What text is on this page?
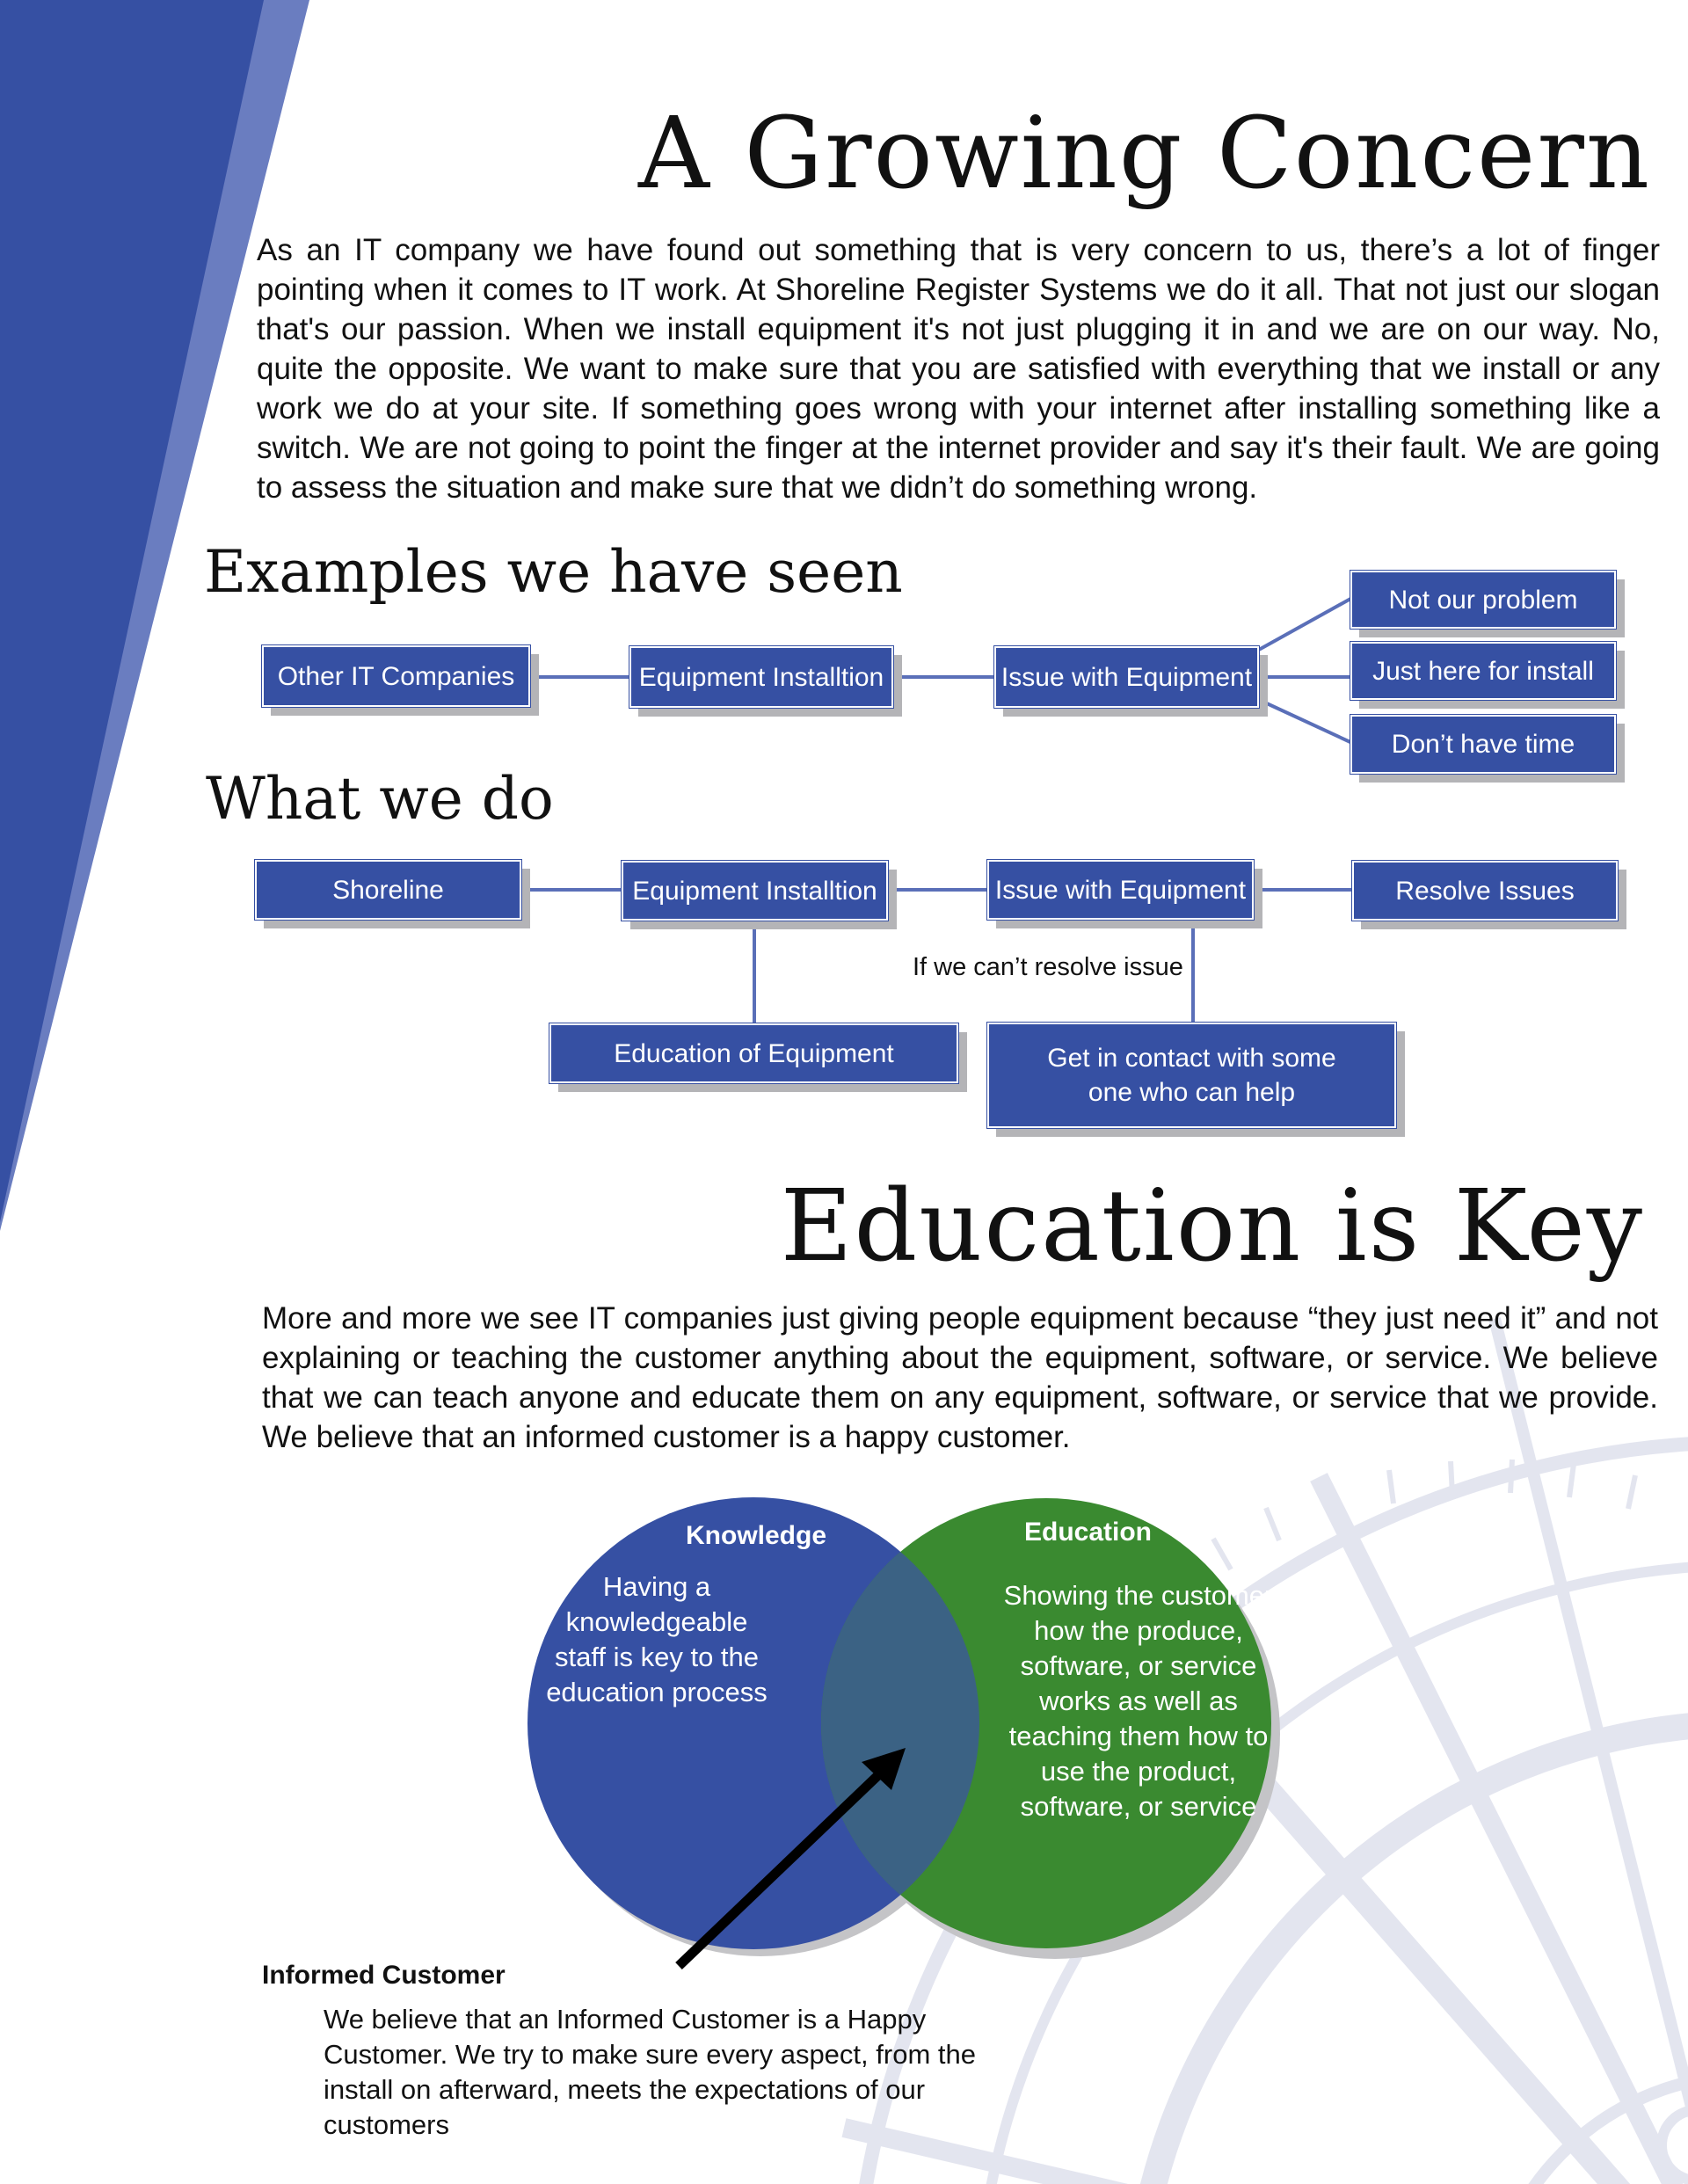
A Growing Concern

As an IT company we have found out something that is very concern to us, there’s a lot of finger pointing when it comes to IT work. At Shoreline Register Systems we do it all. That not just our slogan that's our passion. When we install equipment it's not just plugging it in and we are on our way. No, quite the opposite. We want to make sure that you are satisfied with everything that we install or any work we do at your site. If something goes wrong with your internet after installing something like a switch. We are not going to point the finger at the internet provider and say it's their fault. We are going to assess the situation and make sure that we didn’t do something wrong.

Examples we have seen
Other IT Companies	Equipment Installtion	Issue with Equipment
Not our problem
Just here for install
Don’t have time
What we do
Shoreline	Equipment Installtion	Issue with Equipment	Resolve Issues
If we can’t resolve issue
Education of Equipment	Get in contact with some one who can help
Education is Key

More and more we see IT companies just giving people equipment because “they just need it” and not explaining or teaching the customer anything about the equipment, software, or service. We believe that we can teach anyone and educate them on any equipment, software, or service that we provide. We believe that an informed customer is a happy customer.

Knowledge
Having a knowledgeable staff is key to the education process
Education
Showing the customer how the produce, software, or service works as well as teaching them how to use the product, software, or service
Informed Customer

We believe that an Informed Customer is a Happy Customer. We try to make sure every aspect, from the install on afterward, meets the expectations of our customers
